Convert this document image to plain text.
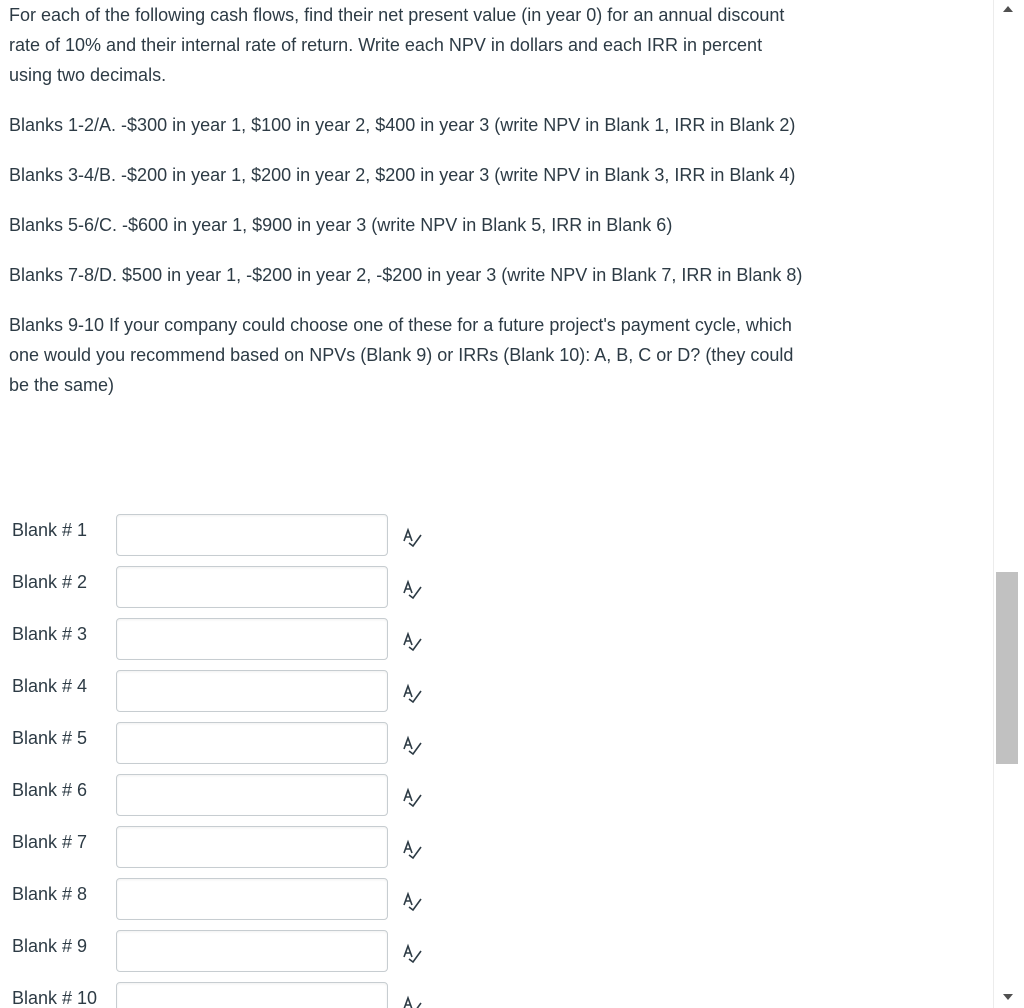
For each of the following cash flows, find their net present value (in year 0) for an annual discount rate of 10% and their internal rate of return. Write each NPV in dollars and each IRR in percent using two decimals.

Blanks 1-2/A. -$300 in year 1, $100 in year 2, $400 in year 3 (write NPV in Blank 1, IRR in Blank 2)

Blanks 3-4/B. -$200 in year 1, $200 in year 2, $200 in year 3 (write NPV in Blank 3, IRR in Blank 4)

Blanks 5-6/C. -$600 in year 1, $900 in year 3 (write NPV in Blank 5, IRR in Blank 6)

Blanks 7-8/D. $500 in year 1, -$200 in year 2, -$200 in year 3 (write NPV in Blank 7, IRR in Blank 8)

Blanks 9-10 If your company could choose one of these for a future project's payment cycle, which one would you recommend based on NPVs (Blank 9) or IRRs (Blank 10): A, B, C or D? (they could be the same)

Blank # 1
Blank # 2
Blank # 3
Blank # 4
Blank # 5
Blank # 6
Blank # 7
Blank # 8
Blank # 9
Blank # 10
